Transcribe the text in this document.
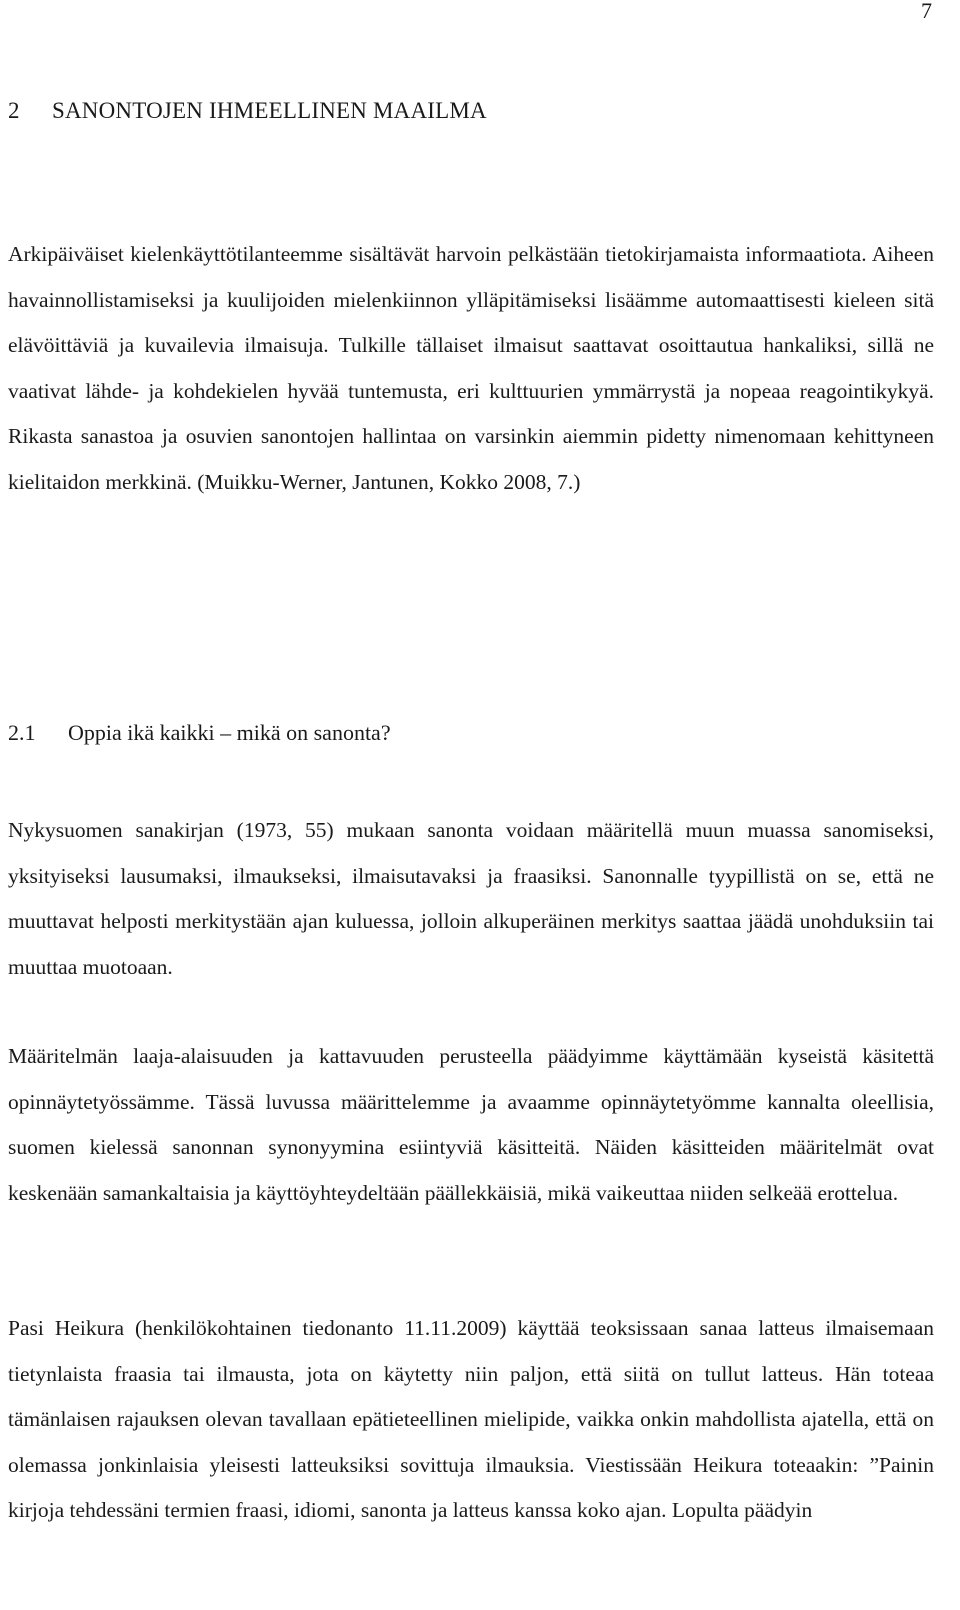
7
2 SANONTOJEN IHMEELLINEN MAAILMA

Arkipäiväiset kielenkäyttötilanteemme sisältävät harvoin pelkästään tietokirjamaista informaatiota. Aiheen havainnollistamiseksi ja kuulijoiden mielenkiinnon ylläpitämiseksi lisäämme automaattisesti kieleen sitä elävöittäviä ja kuvailevia ilmaisuja. Tulkille tällaiset ilmaisut saattavat osoittautua hankaliksi, sillä ne vaativat lähde- ja kohdekielen hyvää tuntemusta, eri kulttuurien ymmärrystä ja nopeaa reagointikykyä. Rikasta sanastoa ja osuvien sanontojen hallintaa on varsinkin aiemmin pidetty nimenomaan kehittyneen kielitaidon merkkinä. (Muikku-Werner, Jantunen, Kokko 2008, 7.)

2.1 Oppia ikä kaikki – mikä on sanonta?

Nykysuomen sanakirjan (1973, 55) mukaan sanonta voidaan määritellä muun muassa sanomiseksi, yksityiseksi lausumaksi, ilmaukseksi, ilmaisutavaksi ja fraasiksi. Sanonnalle tyypillistä on se, että ne muuttavat helposti merkitystään ajan kuluessa, jolloin alkuperäinen merkitys saattaa jäädä unohduksiin tai muuttaa muotoaan.

Määritelmän laaja-alaisuuden ja kattavuuden perusteella päädyimme käyttämään kyseistä käsitettä opinnäytetyössämme. Tässä luvussa määrittelemme ja avaamme opinnäytetyömme kannalta oleellisia, suomen kielessä sanonnan synonyymina esiintyviä käsitteitä. Näiden käsitteiden määritelmät ovat keskenään samankaltaisia ja käyttöyhteydeltään päällekkäisiä, mikä vaikeuttaa niiden selkeää erottelua.

Pasi Heikura (henkilökohtainen tiedonanto 11.11.2009) käyttää teoksissaan sanaa latteus ilmaisemaan tietynlaista fraasia tai ilmausta, jota on käytetty niin paljon, että siitä on tullut latteus. Hän toteaa tämänlaisen rajauksen olevan tavallaan epätieteellinen mielipide, vaikka onkin mahdollista ajatella, että on olemassa jonkinlaisia yleisesti latteuksiksi sovittuja ilmauksia. Viestissään Heikura toteaakin: ”Painin kirjoja tehdessäni termien fraasi, idiomi, sanonta ja latteus kanssa koko ajan. Lopulta päädyin
